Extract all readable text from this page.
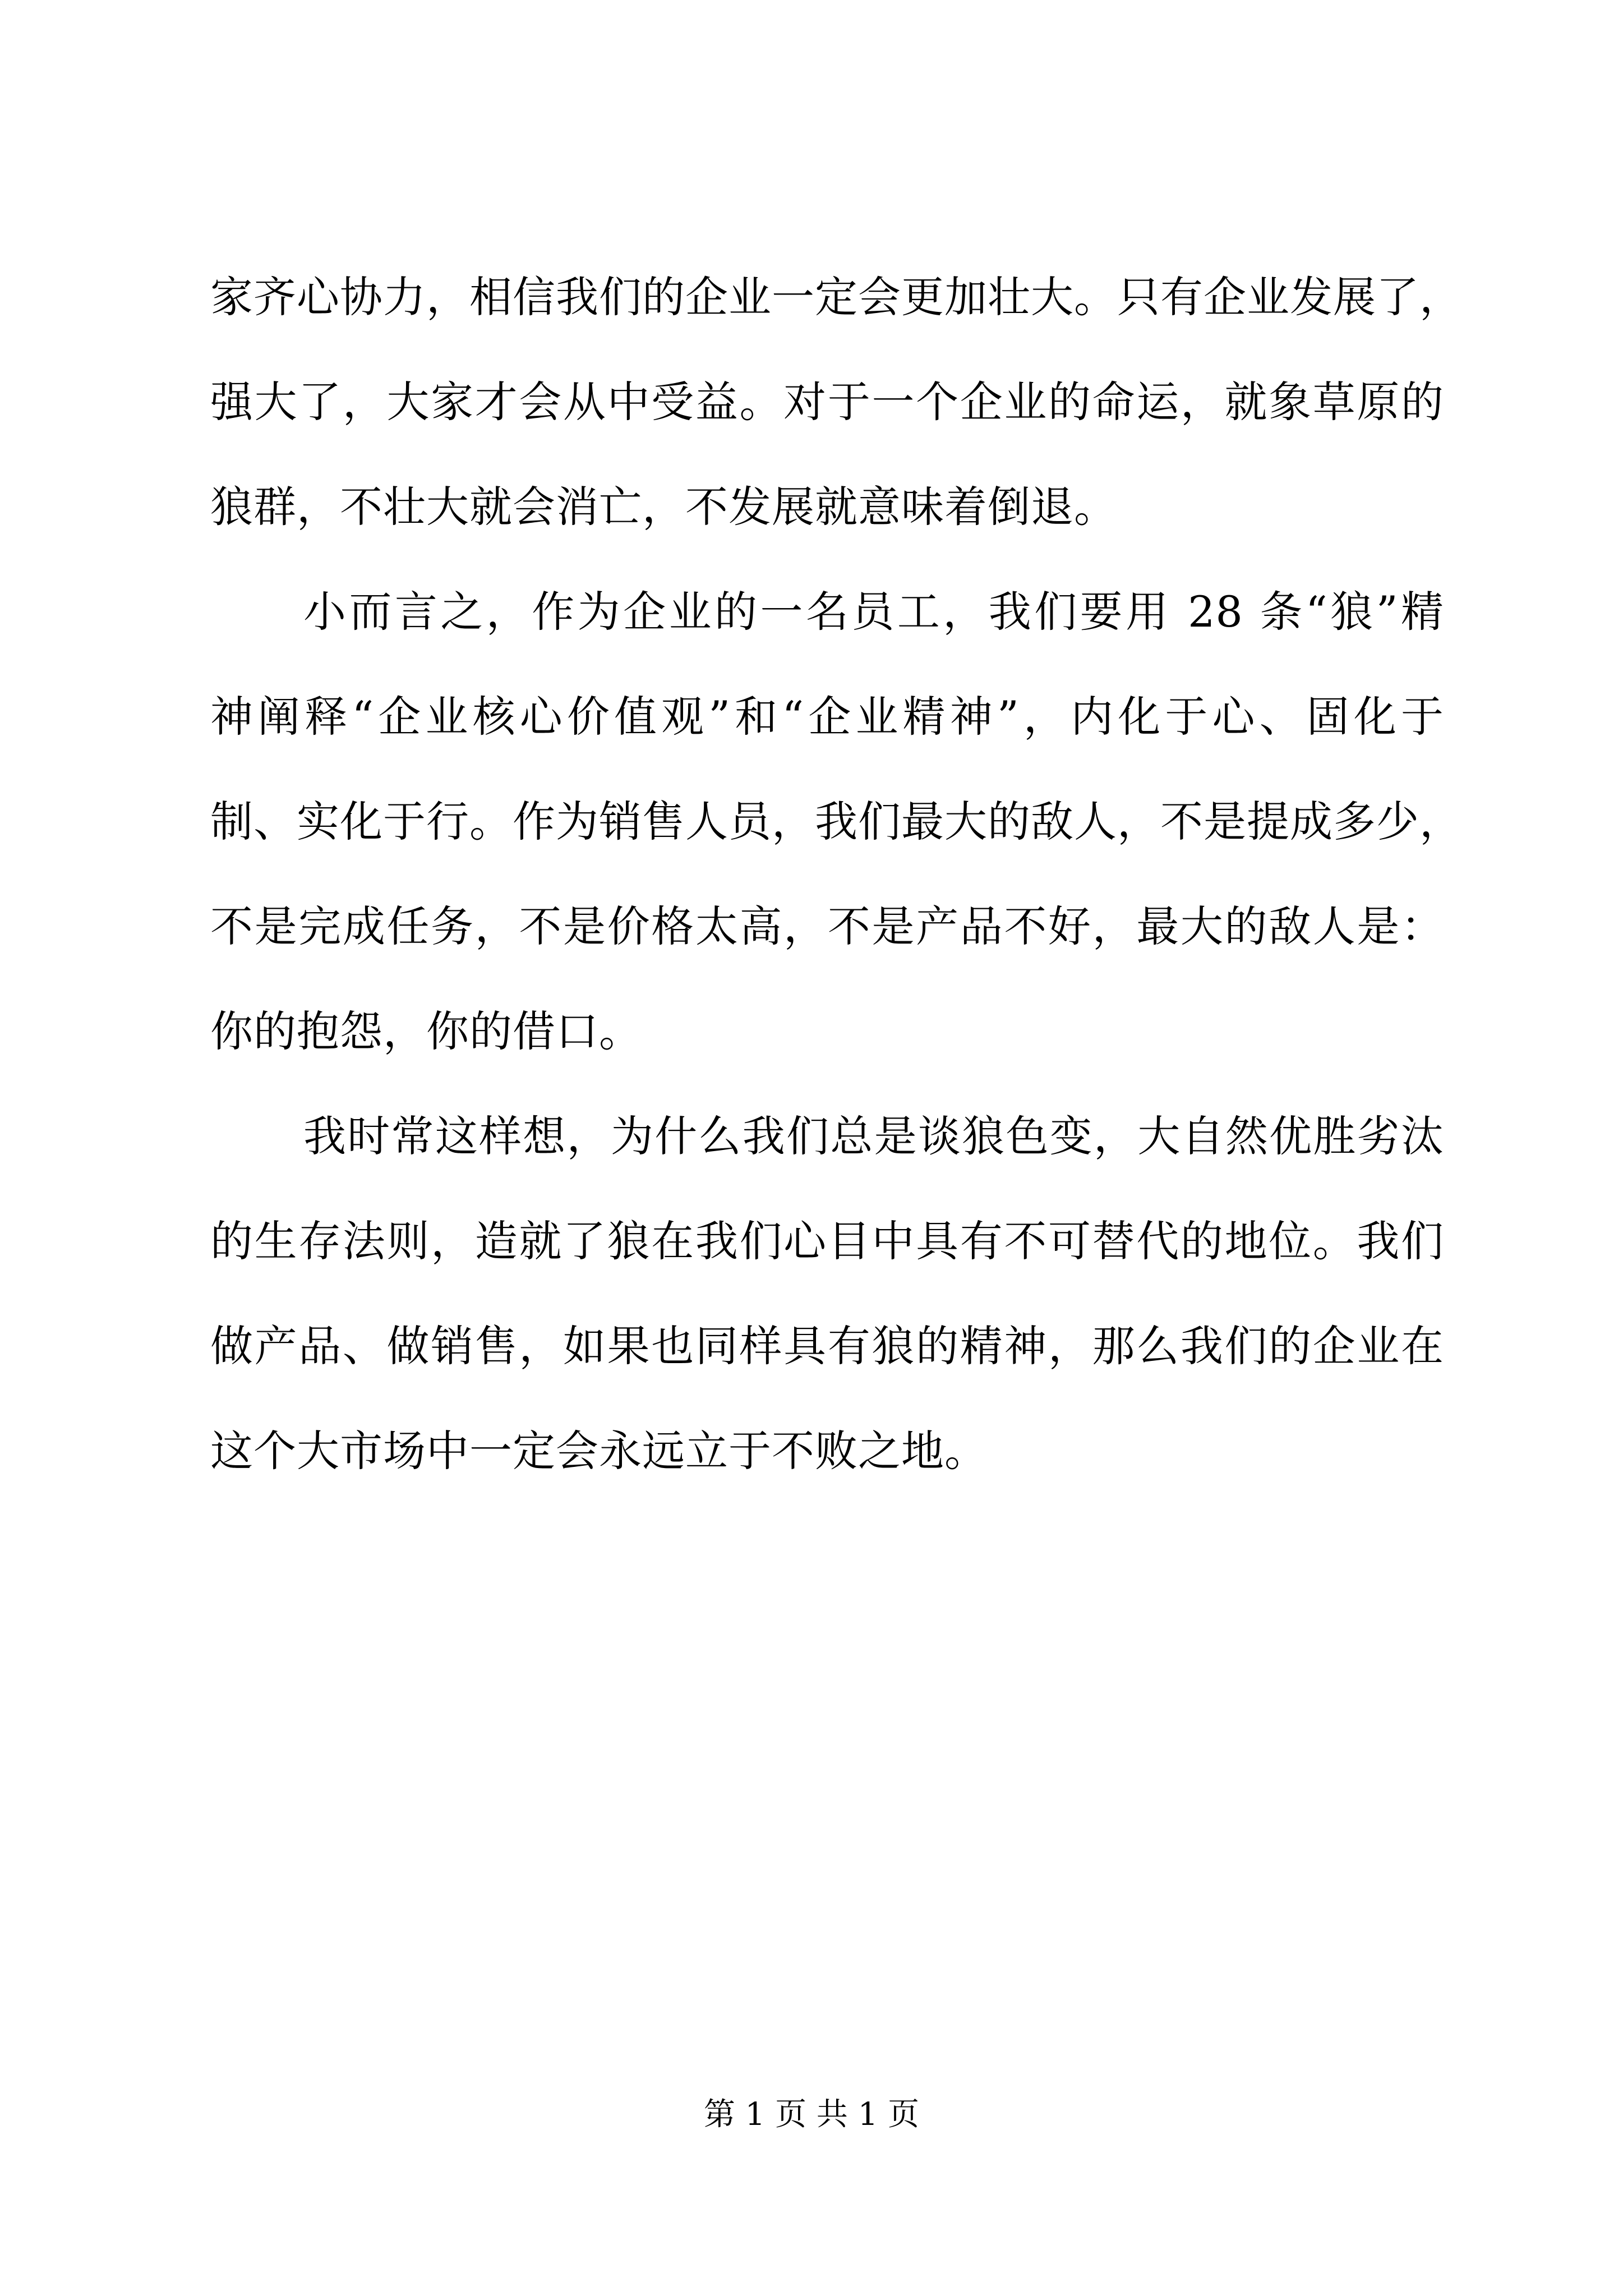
家齐心协力，相信我们的企业一定会更加壮大。只有企业发展了，
强大了，大家才会从中受益。对于一个企业的命运，就象草原的
狼群，不壮大就会消亡，不发展就意味着倒退。
小而言之，作为企业的一名员工，我们要用 28 条“狼”精
神阐释“企业核心价值观”和“企业精神”，内化于心、固化于
制、实化于行。作为销售人员，我们最大的敌人，不是提成多少，
不是完成任务，不是价格太高，不是产品不好，最大的敌人是：
你的抱怨，你的借口。
我时常这样想，为什么我们总是谈狼色变，大自然优胜劣汰
的生存法则，造就了狼在我们心目中具有不可替代的地位。我们
做产品、做销售，如果也同样具有狼的精神，那么我们的企业在
这个大市场中一定会永远立于不败之地。
第 1 页 共 1 页
